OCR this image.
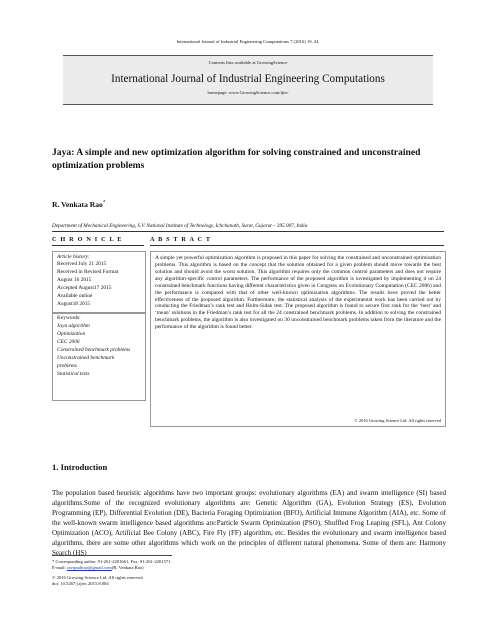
International Journal of Industrial Engineering Computations 7 (2016) 19–34
Contents lists available at GrowingScience
International Journal of Industrial Engineering Computations
homepage: www.GrowingScience.com/ijiec
Jaya: A simple and new optimization algorithm for solving constrained and unconstrained optimization problems
R. Venkata Rao*
Department of Mechanical Engineering, S.V. National Institute of Technology, Ichchanath, Surat, Gujarat – 395 007, India
C H R O N I C L E	A B S T R A C T
Article history:
Received July 21 2015
Received in Revised Format
August 16 2015
Accepted August17 2015
Available online
August18 2015
Keywords:
Jaya algorithm
Optimization
CEC 2006
Constrained benchmark problems
Unconstrained benchmark
problems
Statistical tests
A simple yet powerful optimization algorithm is proposed in this paper for solving the constrained and unconstrained optimization problems. This algorithm is based on the concept that the solution obtained for a given problem should move towards the best solution and should avoid the worst solution. This algorithm requires only the common control parameters and does not require any algorithm-specific control parameters. The performance of the proposed algorithm is investigated by implementing it on 24 constrained benchmark functions having different characteristics given in Congress on Evolutionary Computation (CEC 2006) and the performance is compared with that of other well-known optimization algorithms. The results have proved the better effectiveness of the proposed algorithm. Furthermore, the statistical analysis of the experimental work has been carried out by conducting the Friedman’s rank test and Holm-Sidak test. The proposed algorithm is found to secure first rank for the ‘best’ and ‘mean’ solutions in the Friedman’s rank test for all the 24 constrained benchmark problems. In addition to solving the constrained benchmark problems, the algorithm is also investigated on 30 unconstrained benchmark problems taken from the literature and the performance of the algorithm is found better.
© 2016 Growing Science Ltd. All rights reserved
1. Introduction
The population based heuristic algorithms have two important groups: evolutionary algorithms (EA) and swarm intelligence (SI) based algorithms.Some of the recognized evolutionary algorithms are: Genetic Algorithm (GA), Evolution Strategy (ES), Evolution Programming (EP), Differential Evolution (DE), Bacteria Foraging Optimization (BFO), Artificial Immune Algorithm (AIA), etc. Some of the well-known swarm intelligence based algorithms are:Particle Swarm Optimization (PSO), Shuffled Frog Leaping (SFL), Ant Colony Optimization (ACO), Artificial Bee Colony (ABC), Fire Fly (FF) algorithm, etc. Besides the evolutionary and swarm intelligence based algorithms, there are some other algorithms which work on the principles of different natural phenomena. Some of them are: Harmony Search (HS)
* Corresponding author. 91-261-2201661, Fax: 91-261-2201571
E-mail: ravipudirao@gmail.com(R. Venkata Rao)
© 2016 Growing Science Ltd. All rights reserved.
doi: 10.5267/j.ijiec.2015.8.004
